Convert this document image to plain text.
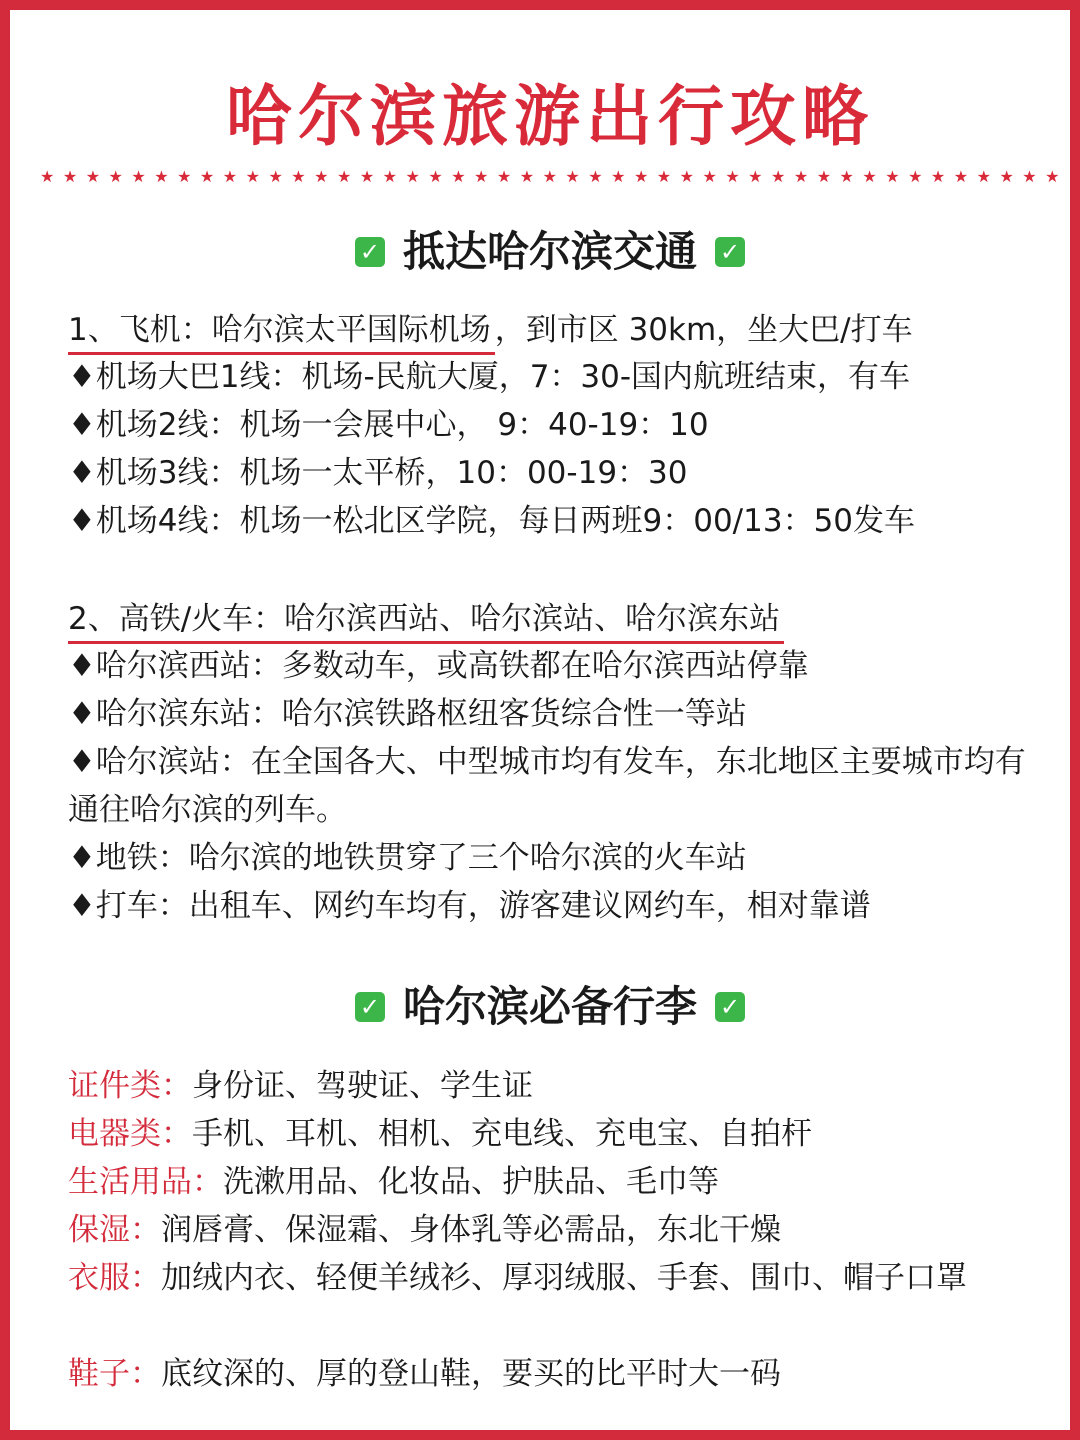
哈尔滨旅游出行攻略
★ ★ ★ ★ ★ ★ ★ ★ ★ ★ ★ ★ ★ ★ ★ ★ ★ ★ ★ ★ ★ ★ ★ ★ ★ ★ ★ ★ ★ ★ ★ ★ ★ ★ ★ ★ ★ ★ ★ ★ ★ ★ ★ ★ ★
✓ 抵达哈尔滨交通 ✓
1、飞机：哈尔滨太平国际机场 ，到市区 30km，坐大巴/打车
♦机场大巴1线：机场-民航大厦，7：30-国内航班结束，有车
♦机场2线：机场一会展中心， 9：40-19：10
♦机场3线：机场一太平桥，10：00-19：30
♦机场4线：机场一松北区学院，每日两班9：00/13：50发车
2、高铁/火车：哈尔滨西站、哈尔滨站、哈尔滨东站
♦哈尔滨西站：多数动车，或高铁都在哈尔滨西站停靠
♦哈尔滨东站：哈尔滨铁路枢纽客货综合性一等站
♦哈尔滨站：在全国各大、中型城市均有发车，东北地区主要城市均有通往哈尔滨的列车。
♦地铁：哈尔滨的地铁贯穿了三个哈尔滨的火车站
♦打车：出租车、网约车均有，游客建议网约车，相对靠谱
✓ 哈尔滨必备行李 ✓
证件类：身份证、驾驶证、学生证
电器类：手机、耳机、相机、充电线、充电宝、自拍杆
生活用品：洗漱用品、化妆品、护肤品、毛巾等
保湿：润唇膏、保湿霜、身体乳等必需品，东北干燥
衣服：加绒内衣、轻便羊绒衫、厚羽绒服、手套、围巾、帽子口罩
鞋子：底纹深的、厚的登山鞋，要买的比平时大一码
